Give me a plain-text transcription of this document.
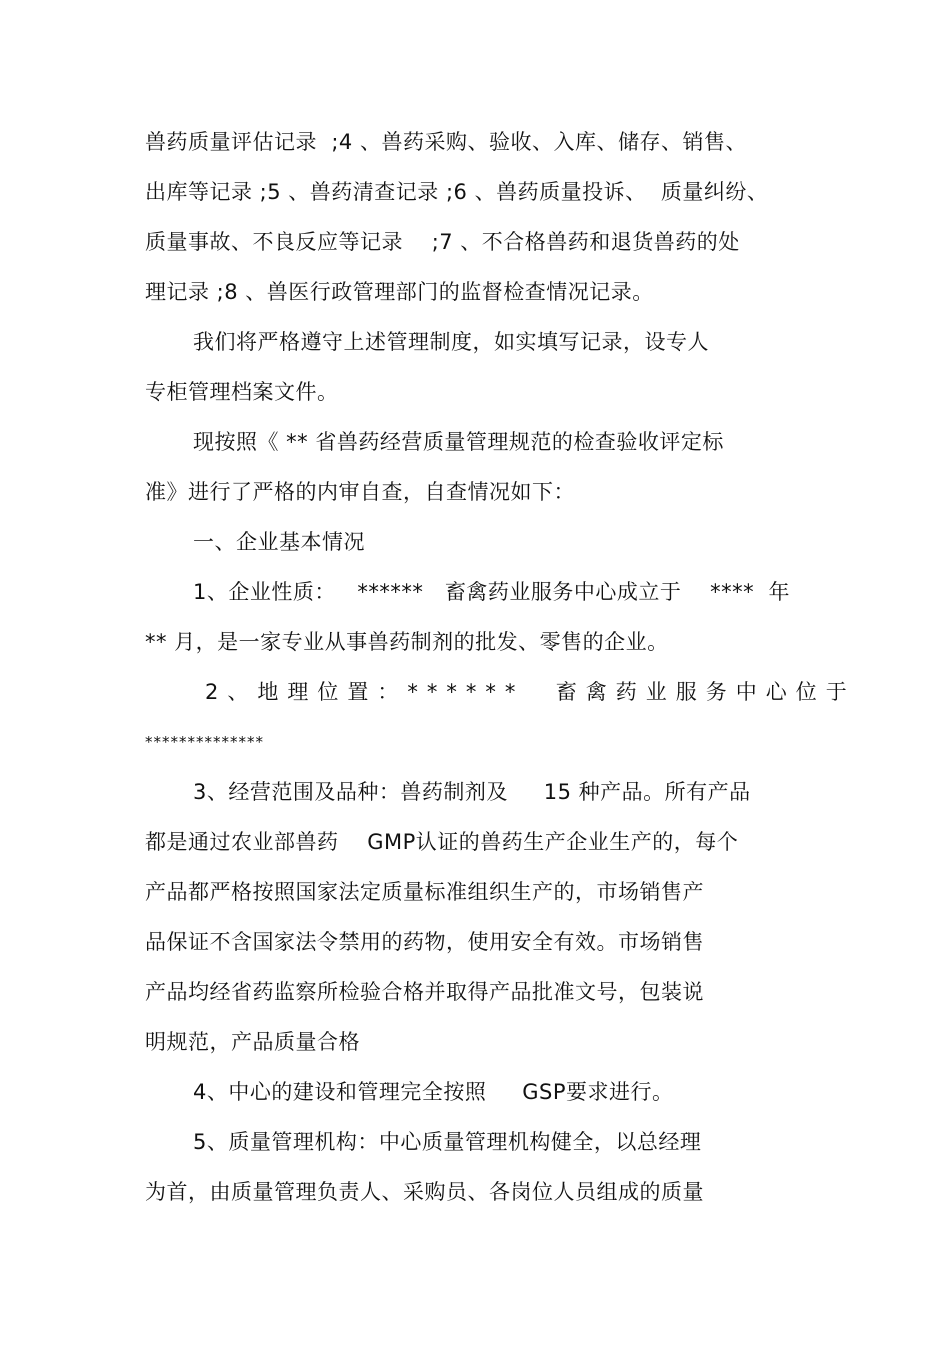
兽药质量评估记录  ;4 、兽药采购、验收、入库、储存、销售、
出库等记录 ;5 、兽药清查记录 ;6 、兽药质量投诉、  质量纠纷、
质量事故、不良反应等记录    ;7 、不合格兽药和退货兽药的处
理记录 ;8 、兽医行政管理部门的监督检查情况记录。
我们将严格遵守上述管理制度，如实填写记录，设专人
专柜管理档案文件。
现按照《 ** 省兽药经营质量管理规范的检查验收评定标
准》进行了严格的内审自查，自查情况如下：
一、企业基本情况
1、企业性质：   ******   畜禽药业服务中心成立于    ****  年
** 月，是一家专业从事兽药制剂的批发、零售的企业。
2、地理位置：******  畜禽药业服务中心位于
**************
3、经营范围及品种：兽药制剂及     15 种产品。所有产品
都是通过农业部兽药    GMP认证的兽药生产企业生产的，每个
产品都严格按照国家法定质量标准组织生产的，市场销售产
品保证不含国家法令禁用的药物，使用安全有效。市场销售
产品均经省药监察所检验合格并取得产品批准文号，包装说
明规范，产品质量合格
4、中心的建设和管理完全按照     GSP要求进行。
5、质量管理机构：中心质量管理机构健全，以总经理
为首，由质量管理负责人、采购员、各岗位人员组成的质量
